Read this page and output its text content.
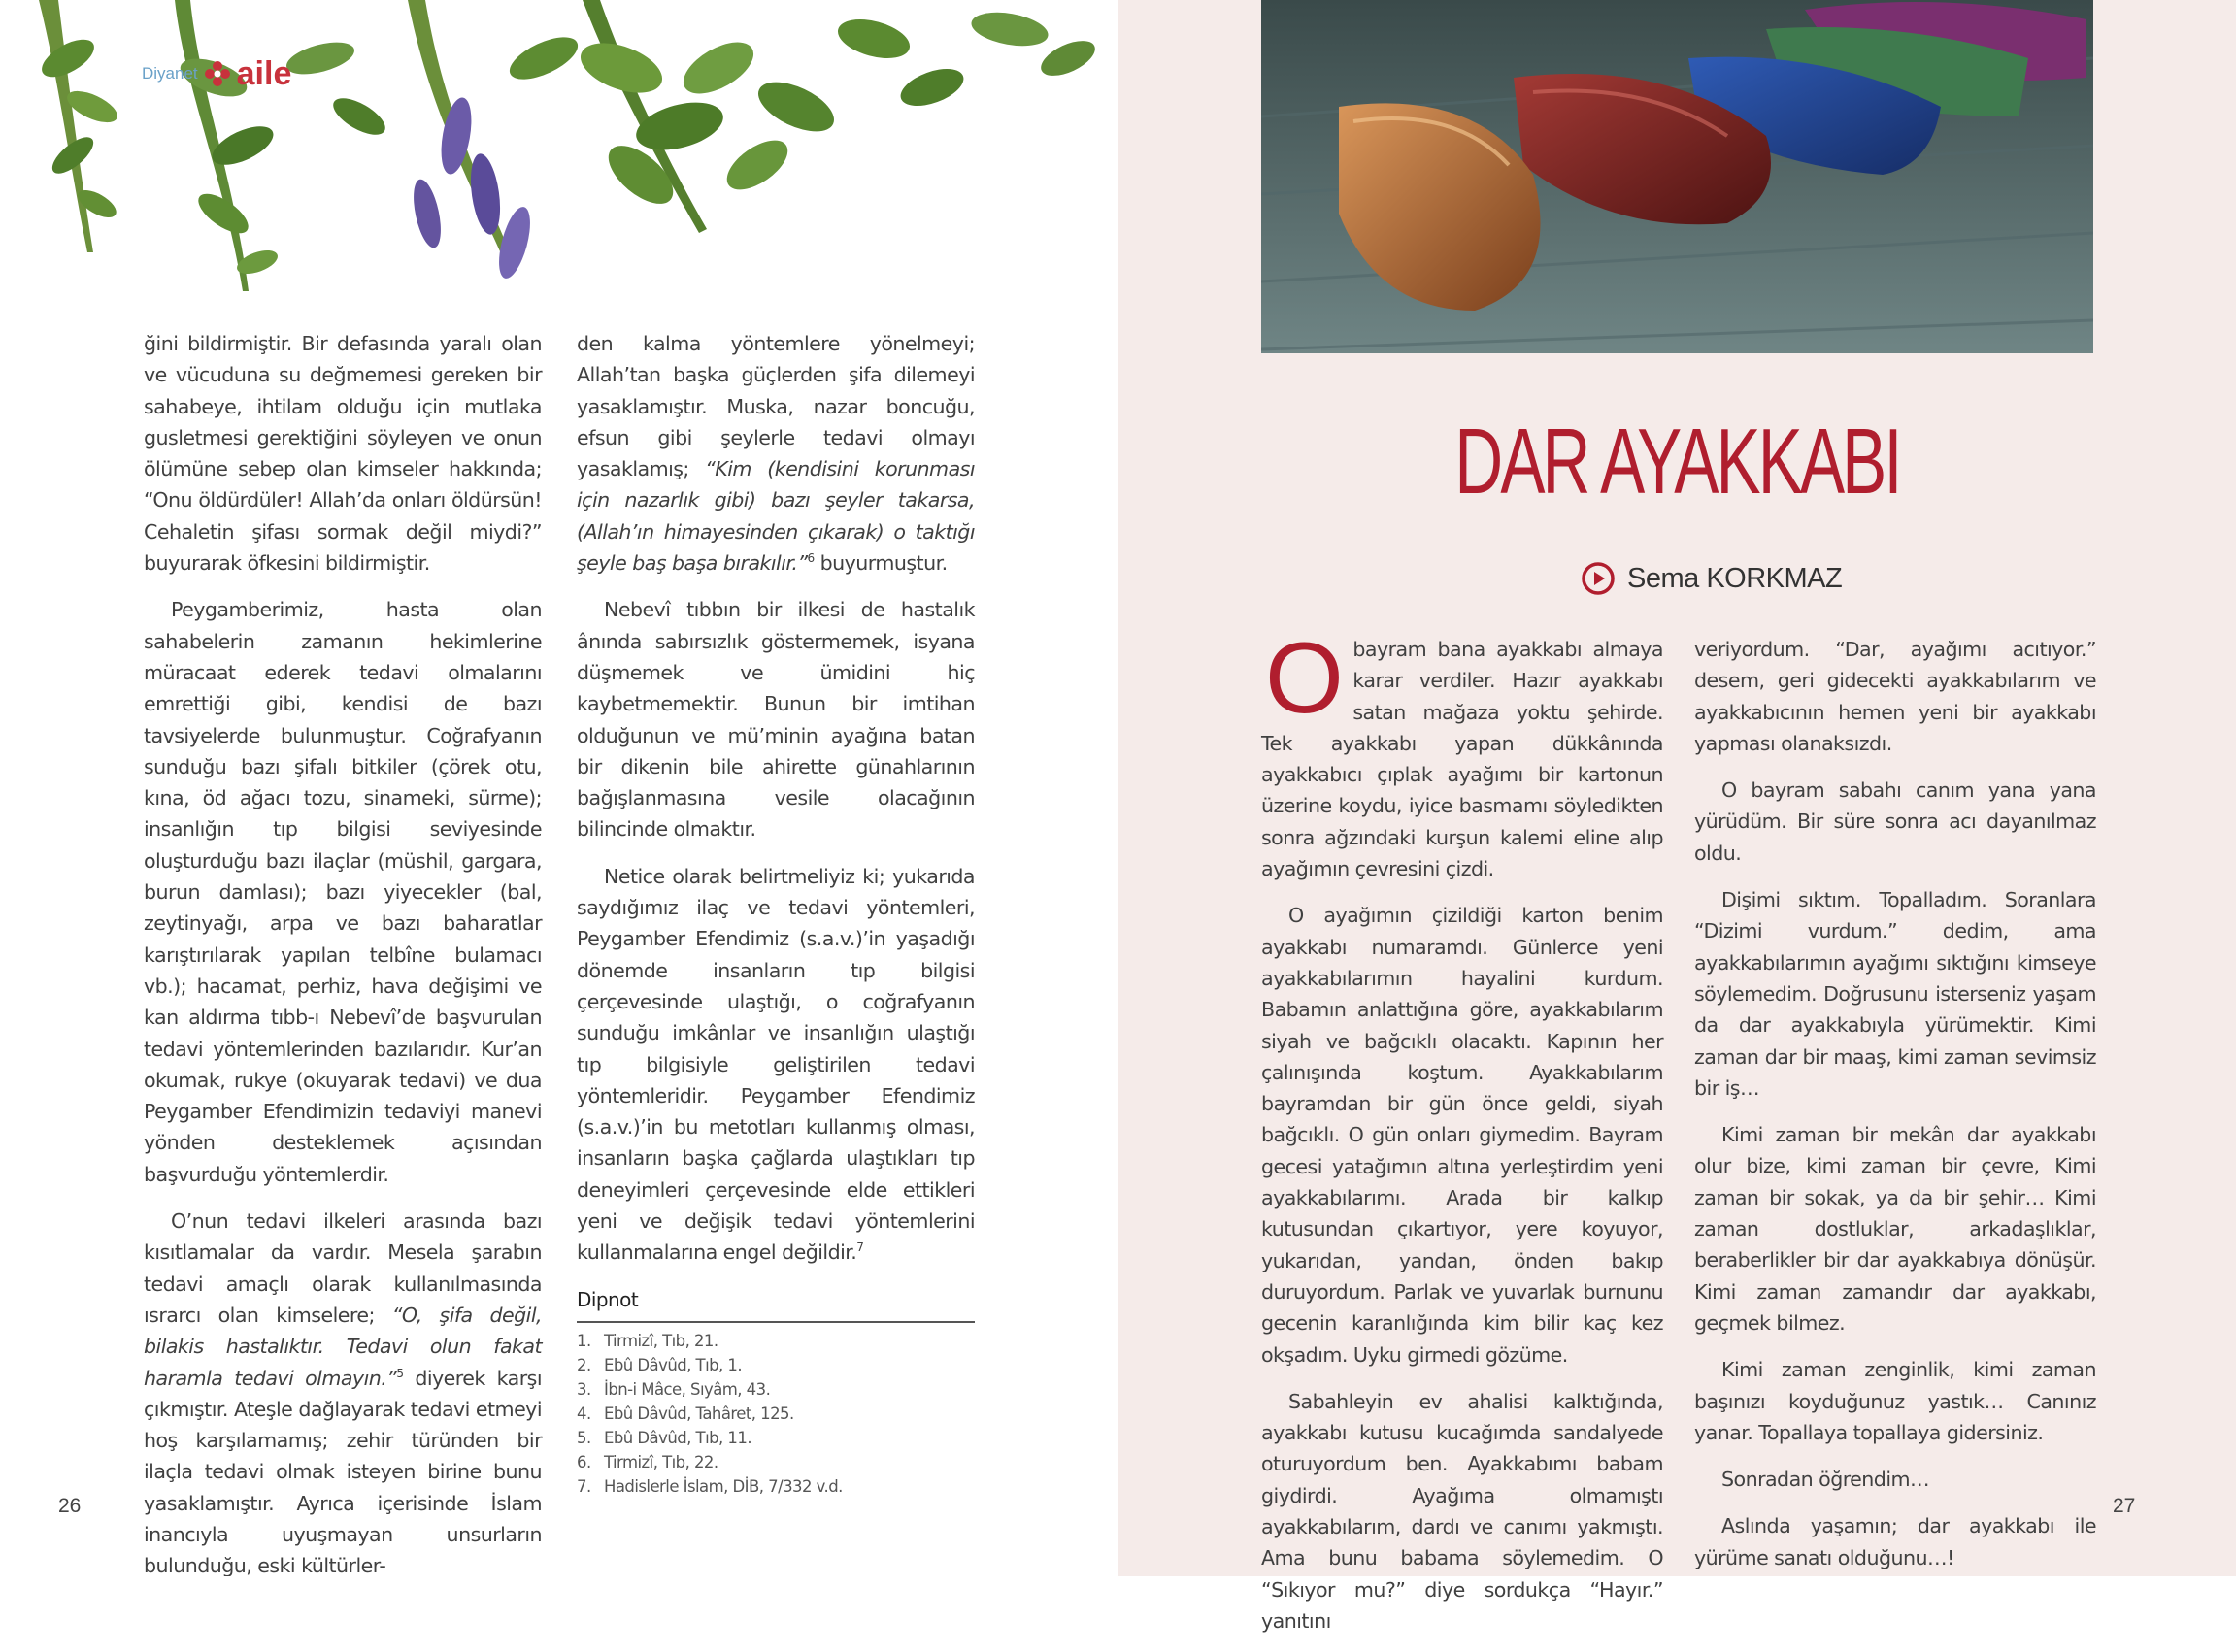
Diyanet aile

ğini bildirmiştir. Bir defasında yaralı olan ve vücuduna su değmemesi gereken bir sahabeye, ihtilam olduğu için mutlaka gusletmesi gerektiğini söyleyen ve onun ölümüne sebep olan kimseler hakkında; “Onu öldürdüler! Allah’da onları öldürsün! Cehaletin şifası sormak değil miydi?” buyurarak öfkesini bildirmiştir.

Peygamberimiz, hasta olan sahabelerin zamanın hekimlerine müracaat ederek tedavi olmalarını emrettiği gibi, kendisi de bazı tavsiyelerde bulunmuştur. Coğrafyanın sunduğu bazı şifalı bitkiler (çörek otu, kına, öd ağacı tozu, sinameki, sürme); insanlığın tıp bilgisi seviyesinde oluşturduğu bazı ilaçlar (müshil, gargara, burun damlası); bazı yiyecekler (bal, zeytinyağı, arpa ve bazı baharatlar karıştırılarak yapılan telbîne bulamacı vb.); hacamat, perhiz, hava değişimi ve kan aldırma tıbb-ı Nebevî’de başvurulan tedavi yöntemlerinden bazılarıdır. Kur’an okumak, rukye (okuyarak tedavi) ve dua Peygamber Efendimizin tedaviyi manevi yönden desteklemek açısından başvurduğu yöntemlerdir.

O’nun tedavi ilkeleri arasında bazı kısıtlamalar da vardır. Mesela şarabın tedavi amaçlı olarak kullanılmasında ısrarcı olan kimselere; “O, şifa değil, bilakis hastalıktır. Tedavi olun fakat haramla tedavi olmayın.”$^5$ diyerek karşı çıkmıştır. Ateşle dağlayarak tedavi etmeyi hoş karşılamamış; zehir türünden bir ilaçla tedavi olmak isteyen birine bunu yasaklamıştır. Ayrıca içerisinde İslam inancıyla uyuşmayan unsurların bulunduğu, eski kültürler-

den kalma yöntemlere yönelmeyi; Allah’tan başka güçlerden şifa dilemeyi yasaklamıştır. Muska, nazar boncuğu, efsun gibi şeylerle tedavi olmayı yasaklamış; “Kim (kendisini korunması için nazarlık gibi) bazı şeyler takarsa, (Allah’ın himayesinden çıkarak) o taktığı şeyle baş başa bırakılır.”$^6$ buyurmuştur.

Nebevî tıbbın bir ilkesi de hastalık ânında sabırsızlık göstermemek, isyana düşmemek ve ümidini hiç kaybetmemektir. Bunun bir imtihan olduğunun ve mü’minin ayağına batan bir dikenin bile ahirette günahlarının bağışlanmasına vesile olacağının bilincinde olmaktır.

Netice olarak belirtmeliyiz ki; yukarıda saydığımız ilaç ve tedavi yöntemleri, Peygamber Efendimiz (s.a.v.)’in yaşadığı dönemde insanların tıp bilgisi çerçevesinde ulaştığı, o coğrafyanın sunduğu imkânlar ve insanlığın ulaştığı tıp bilgisiyle geliştirilen tedavi yöntemleridir. Peygamber Efendimiz (s.a.v.)’in bu metotları kullanmış olması, insanların başka çağlarda ulaştıkları tıp deneyimleri çerçevesinde elde ettikleri yeni ve değişik tedavi yöntemlerini kullanmalarına engel değildir.$^7$

Dipnot
1. Tirmizî, Tıb, 21.
2. Ebû Dâvûd, Tıb, 1.
3. İbn-i Mâce, Sıyâm, 43.
4. Ebû Dâvûd, Tahâret, 125.
5. Ebû Dâvûd, Tıb, 11.
6. Tirmizî, Tıb, 22.
7. Hadislerle İslam, DİB, 7/332 v.d.
26
DAR AYAKKABI
Sema KORKMAZ

O bayram bana ayakkabı almaya karar verdiler. Hazır ayakkabı satan mağaza yoktu şehirde. Tek ayakkabı yapan dükkânında ayakkabıcı çıplak ayağımı bir kartonun üzerine koydu, iyice basmamı söyledikten sonra ağzındaki kurşun kalemi eline alıp ayağımın çevresini çizdi.

O ayağımın çizildiği karton benim ayakkabı numaramdı. Günlerce yeni ayakkabılarımın hayalini kurdum. Babamın anlattığına göre, ayakkabılarım siyah ve bağcıklı olacaktı. Kapının her çalınışında koştum. Ayakkabılarım bayramdan bir gün önce geldi, siyah bağcıklı. O gün onları giymedim. Bayram gecesi yatağımın altına yerleştirdim yeni ayakkabılarımı. Arada bir kalkıp kutusundan çıkartıyor, yere koyuyor, yukarıdan, yandan, önden bakıp duruyordum. Parlak ve yuvarlak burnunu gecenin karanlığında kim bilir kaç kez okşadım. Uyku girmedi gözüme.

Sabahleyin ev ahalisi kalktığında, ayakkabı kutusu kucağımda sandalyede oturuyordum ben. Ayakkabımı babam giydirdi. Ayağıma olmamıştı ayakkabılarım, dardı ve canımı yakmıştı. Ama bunu babama söylemedim. O “Sıkıyor mu?” diye sordukça “Hayır.” yanıtını

veriyordum. “Dar, ayağımı acıtıyor.” desem, geri gidecekti ayakkabılarım ve ayakkabıcının hemen yeni bir ayakkabı yapması olanaksızdı.

O bayram sabahı canım yana yana yürüdüm. Bir süre sonra acı dayanılmaz oldu.

Dişimi sıktım. Topalladım. Soranlara “Dizimi vurdum.” dedim, ama ayakkabılarımın ayağımı sıktığını kimseye söylemedim. Doğrusunu isterseniz yaşam da dar ayakkabıyla yürümektir. Kimi zaman dar bir maaş, kimi zaman sevimsiz bir iş…

Kimi zaman bir mekân dar ayakkabı olur bize, kimi zaman bir çevre, Kimi zaman bir sokak, ya da bir şehir… Kimi zaman dostluklar, arkadaşlıklar, beraberlikler bir dar ayakkabıya dönüşür. Kimi zaman zamandır dar ayakkabı, geçmek bilmez.

Kimi zaman zenginlik, kimi zaman başınızı koyduğunuz yastık… Canınız yanar. Topallaya topallaya gidersiniz.

Sonradan öğrendim…

Aslında yaşamın; dar ayakkabı ile yürüme sanatı olduğunu…!

27
